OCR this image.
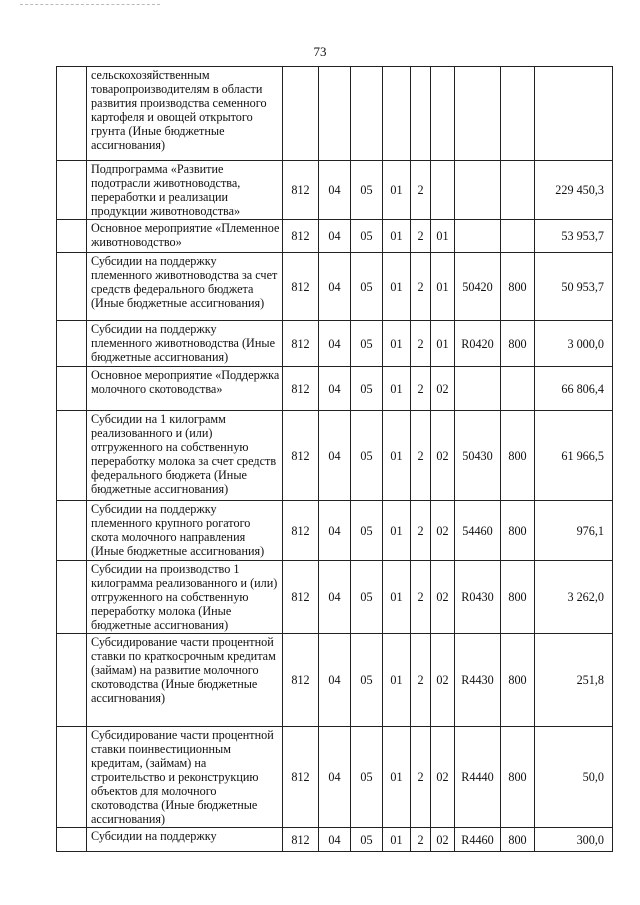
73
	сельскохозяйственным товаропроизводителям в области развития производства семенного картофеля и овощей открытого грунта (Иные бюджетные ассигнования)									
	Подпрограмма «Развитие подотрасли животноводства, переработки и реализации продукции животноводства»	812	04	05	01	2				229 450,3
	Основное мероприятие «Племенное животноводство»	812	04	05	01	2	01			53 953,7
	Субсидии на поддержку племенного животноводства за счет средств федерального бюджета (Иные бюджетные ассигнования)	812	04	05	01	2	01	50420	800	50 953,7
	Субсидии на поддержку племенного животноводства (Иные бюджетные ассигнования)	812	04	05	01	2	01	R0420	800	3 000,0
	Основное мероприятие «Поддержка молочного скотоводства»	812	04	05	01	2	02			66 806,4
	Субсидии на 1 килограмм реализованного и (или) отгруженного на собственную переработку молока за счет средств федерального бюджета (Иные бюджетные ассигнования)	812	04	05	01	2	02	50430	800	61 966,5
	Субсидии на поддержку племенного крупного рогатого скота молочного направления (Иные бюджетные ассигнования)	812	04	05	01	2	02	54460	800	976,1
	Субсидии на производство 1 килограмма реализованного и (или) отгруженного на собственную переработку молока (Иные бюджетные ассигнования)	812	04	05	01	2	02	R0430	800	3 262,0
	Субсидирование части процентной ставки по краткосрочным кредитам (займам) на развитие молочного скотоводства (Иные бюджетные ассигнования)	812	04	05	01	2	02	R4430	800	251,8
	Субсидирование части процентной ставки поинвестиционным кредитам, (займам) на строительство и реконструкцию объектов для молочного скотоводства (Иные бюджетные ассигнования)	812	04	05	01	2	02	R4440	800	50,0
	Субсидии на поддержку	812	04	05	01	2	02	R4460	800	300,0
